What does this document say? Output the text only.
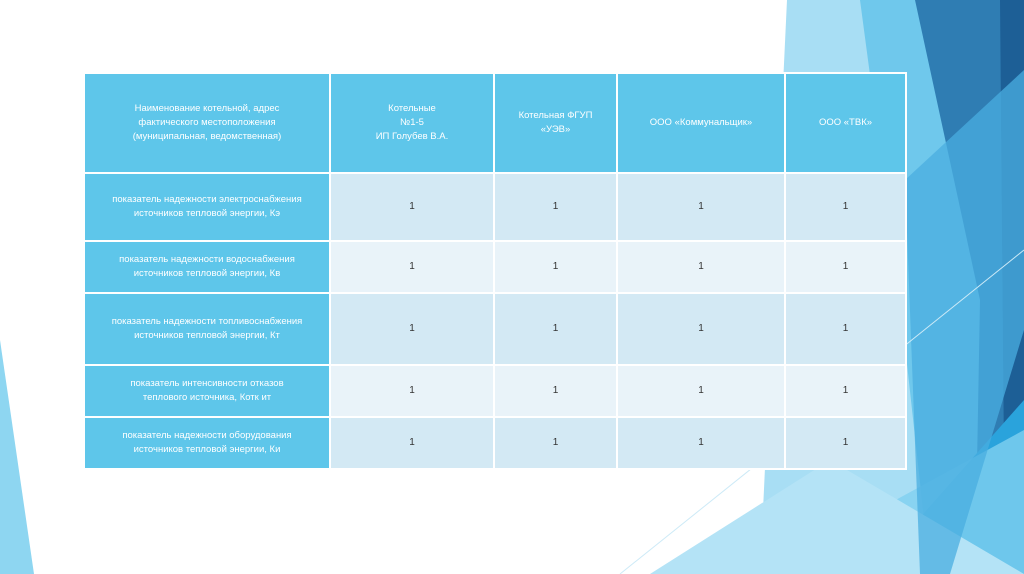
Наименование котельной, адрес
фактического местоположения
(муниципальная, ведомственная)	Котельные
№1-5
ИП Голубев В.А.	Котельная ФГУП
«УЭВ»	ООО «Коммунальщик»	ООО «ТВК»
показатель надежности электроснабжения
источников тепловой энергии, Кэ	1	1	1	1
показатель надежности водоснабжения
источников тепловой энергии, Кв	1	1	1	1
показатель надежности топливоснабжения
источников тепловой энергии, Кт	1	1	1	1
показатель интенсивности отказов
теплового источника, Котк ит	1	1	1	1
показатель надежности оборудования
источников тепловой энергии, Ки	1	1	1	1
